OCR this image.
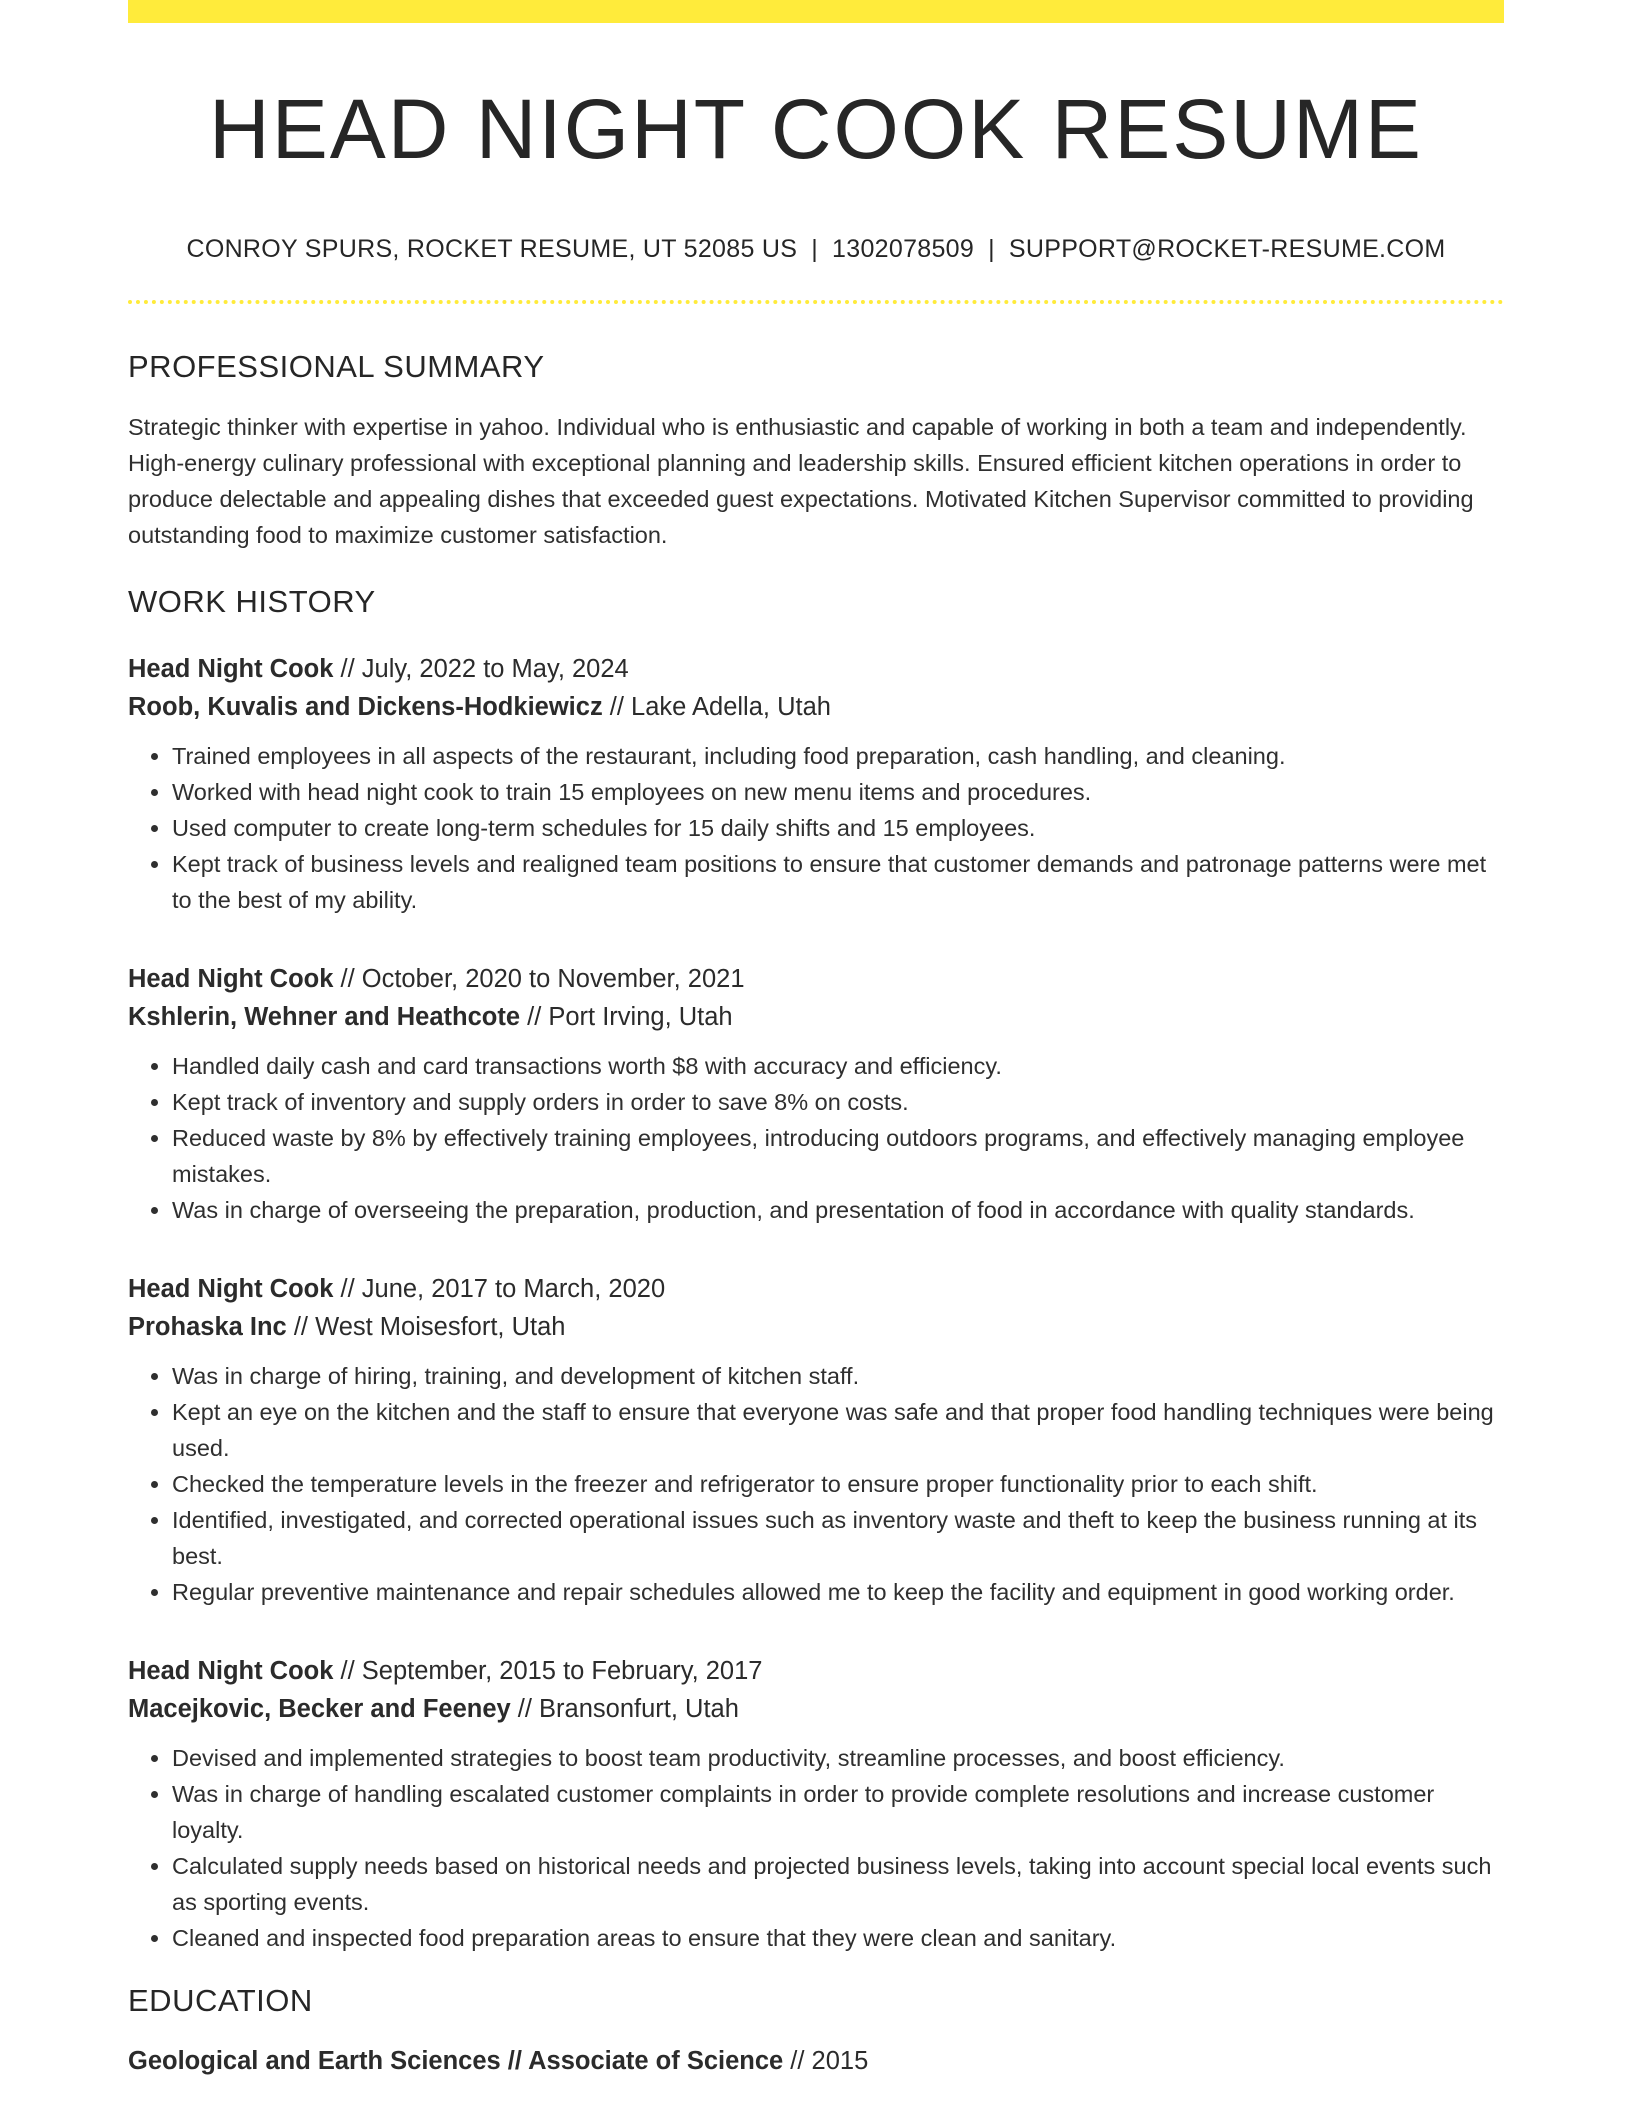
HEAD NIGHT COOK RESUME
CONROY SPURS, ROCKET RESUME, UT 52085 US | 1302078509 | SUPPORT@ROCKET-RESUME.COM
PROFESSIONAL SUMMARY

Strategic thinker with expertise in yahoo. Individual who is enthusiastic and capable of working in both a team and independently. High-energy culinary professional with exceptional planning and leadership skills. Ensured efficient kitchen operations in order to produce delectable and appealing dishes that exceeded guest expectations. Motivated Kitchen Supervisor committed to providing outstanding food to maximize customer satisfaction.

WORK HISTORY
Head Night Cook // July, 2022 to May, 2024
Roob, Kuvalis and Dickens-Hodkiewicz // Lake Adella, Utah
• Trained employees in all aspects of the restaurant, including food preparation, cash handling, and cleaning.
• Worked with head night cook to train 15 employees on new menu items and procedures.
• Used computer to create long-term schedules for 15 daily shifts and 15 employees.
• Kept track of business levels and realigned team positions to ensure that customer demands and patronage patterns were met to the best of my ability.
Head Night Cook // October, 2020 to November, 2021
Kshlerin, Wehner and Heathcote // Port Irving, Utah
• Handled daily cash and card transactions worth $8 with accuracy and efficiency.
• Kept track of inventory and supply orders in order to save 8% on costs.
• Reduced waste by 8% by effectively training employees, introducing outdoors programs, and effectively managing employee mistakes.
• Was in charge of overseeing the preparation, production, and presentation of food in accordance with quality standards.
Head Night Cook // June, 2017 to March, 2020
Prohaska Inc // West Moisesfort, Utah
• Was in charge of hiring, training, and development of kitchen staff.
• Kept an eye on the kitchen and the staff to ensure that everyone was safe and that proper food handling techniques were being used.
• Checked the temperature levels in the freezer and refrigerator to ensure proper functionality prior to each shift.
• Identified, investigated, and corrected operational issues such as inventory waste and theft to keep the business running at its best.
• Regular preventive maintenance and repair schedules allowed me to keep the facility and equipment in good working order.
Head Night Cook // September, 2015 to February, 2017
Macejkovic, Becker and Feeney // Bransonfurt, Utah
• Devised and implemented strategies to boost team productivity, streamline processes, and boost efficiency.
• Was in charge of handling escalated customer complaints in order to provide complete resolutions and increase customer loyalty.
• Calculated supply needs based on historical needs and projected business levels, taking into account special local events such as sporting events.
• Cleaned and inspected food preparation areas to ensure that they were clean and sanitary.
EDUCATION
Geological and Earth Sciences // Associate of Science // 2015
